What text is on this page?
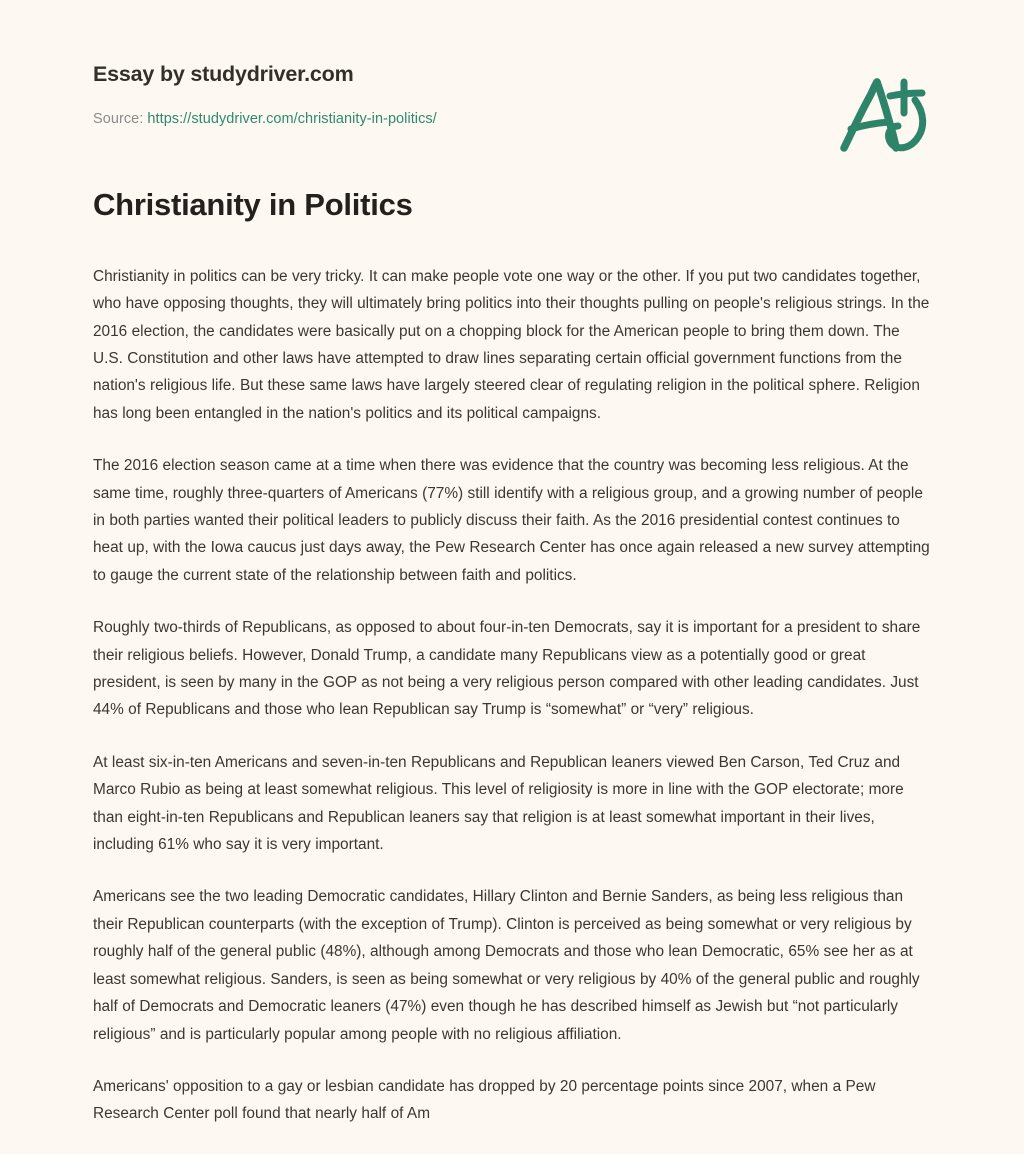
Essay by studydriver.com
Source: https://studydriver.com/christianity-in-politics/
Christianity in Politics

Christianity in politics can be very tricky. It can make people vote one way or the other. If you put two candidates together, who have opposing thoughts, they will ultimately bring politics into their thoughts pulling on people's religious strings. In the 2016 election, the candidates were basically put on a chopping block for the American people to bring them down. The U.S. Constitution and other laws have attempted to draw lines separating certain official government functions from the nation's religious life. But these same laws have largely steered clear of regulating religion in the political sphere. Religion has long been entangled in the nation's politics and its political campaigns.

The 2016 election season came at a time when there was evidence that the country was becoming less religious. At the same time, roughly three-quarters of Americans (77%) still identify with a religious group, and a growing number of people in both parties wanted their political leaders to publicly discuss their faith. As the 2016 presidential contest continues to heat up, with the Iowa caucus just days away, the Pew Research Center has once again released a new survey attempting to gauge the current state of the relationship between faith and politics.

Roughly two-thirds of Republicans, as opposed to about four-in-ten Democrats, say it is important for a president to share their religious beliefs. However, Donald Trump, a candidate many Republicans view as a potentially good or great president, is seen by many in the GOP as not being a very religious person compared with other leading candidates. Just 44% of Republicans and those who lean Republican say Trump is “somewhat” or “very” religious.

At least six-in-ten Americans and seven-in-ten Republicans and Republican leaners viewed Ben Carson, Ted Cruz and Marco Rubio as being at least somewhat religious. This level of religiosity is more in line with the GOP electorate; more than eight-in-ten Republicans and Republican leaners say that religion is at least somewhat important in their lives, including 61% who say it is very important.

Americans see the two leading Democratic candidates, Hillary Clinton and Bernie Sanders, as being less religious than their Republican counterparts (with the exception of Trump). Clinton is perceived as being somewhat or very religious by roughly half of the general public (48%), although among Democrats and those who lean Democratic, 65% see her as at least somewhat religious. Sanders, is seen as being somewhat or very religious by 40% of the general public and roughly half of Democrats and Democratic leaners (47%) even though he has described himself as Jewish but “not particularly religious” and is particularly popular among people with no religious affiliation.

Americans' opposition to a gay or lesbian candidate has dropped by 20 percentage points since 2007, when a Pew Research Center poll found that nearly half of Am
